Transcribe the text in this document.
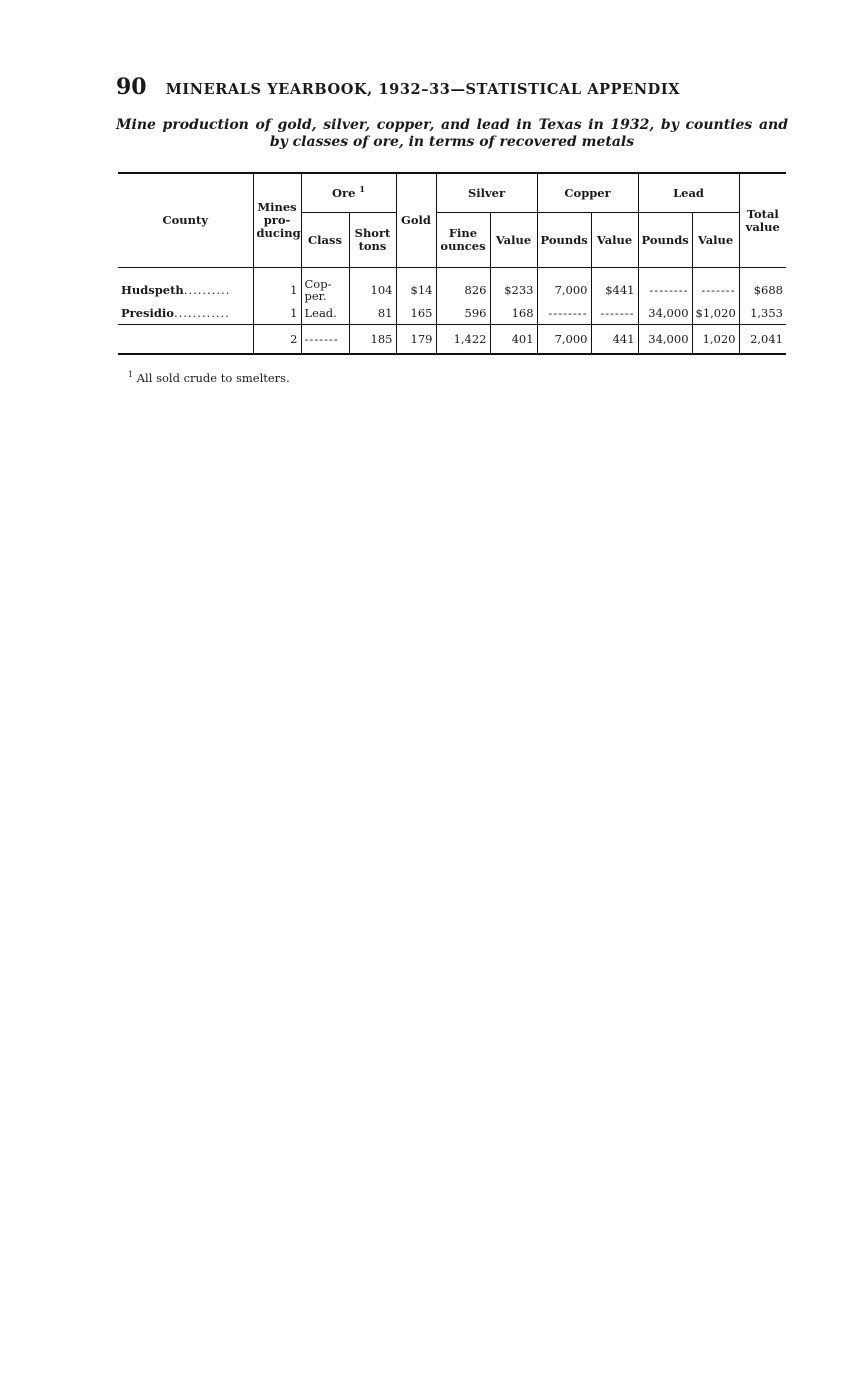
90 MINERALS YEARBOOK, 1932–33—STATISTICAL APPENDIX
Mine production of gold, silver, copper, and lead in Texas in 1932, by counties and
by classes of ore, in terms of recovered metals
County	Mines pro- ducing	Ore $^1$		Gold	Silver		Copper		Lead		Total value
		Class	Short tons		Fine ounces	Value	Pounds	Value	Pounds	Value	
Hudspeth..........	1	Cop- per.	104	$14	826	$233	7,000	$441	--------	-------	$688
Presidio............	1	Lead.	81	165	596	168	--------	-------	34,000	$1,020	1,353
	2	-------	185	179	1,422	401	7,000	441	34,000	1,020	2,041
$^1$ All sold crude to smelters.
